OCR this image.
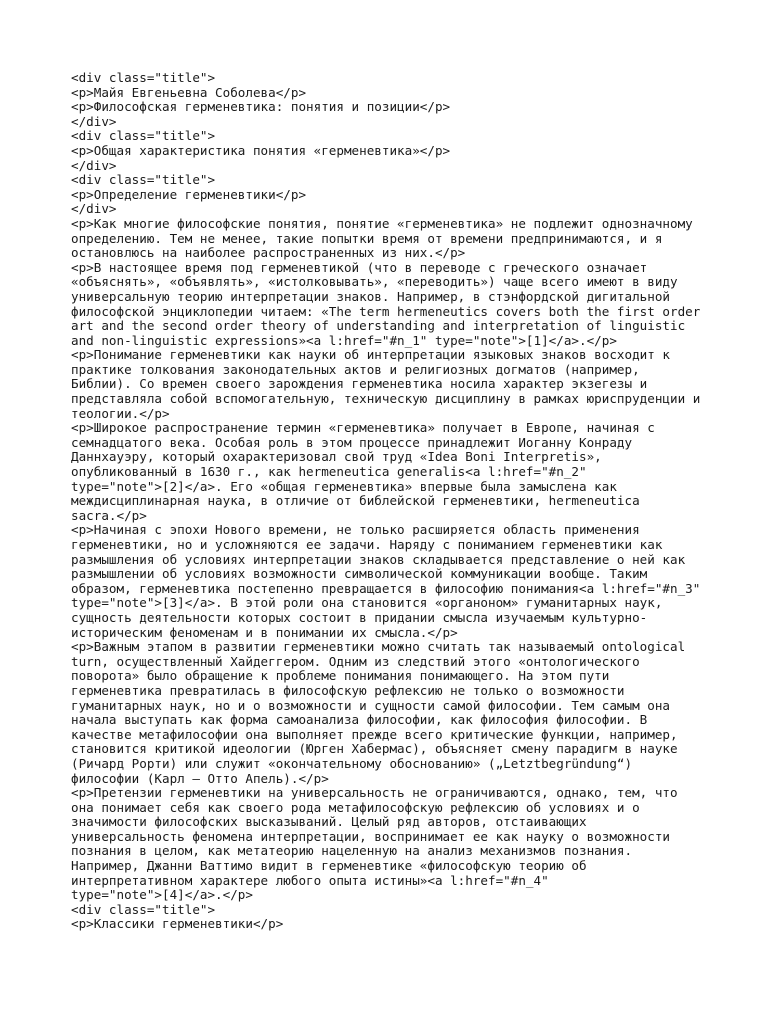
<div class="title">
<p>Майя Евгеньевна Соболева</p>
<p>Философская герменевтика: понятия и позиции</p>
</div>
<div class="title">
<p>Общая характеристика понятия «герменевтика»</p>
</div>
<div class="title">
<p>Определение герменевтики</p>
</div>
<p>Как многие философские понятия, понятие «герменевтика» не подлежит однозначному
определению. Тем не менее, такие попытки время от времени предпринимаются, и я
остановлюсь на наиболее распространенных из них.</p>
<p>В настоящее время под герменевтикой (что в переводе с греческого означает
«объяснять», «объявлять», «истолковывать», «переводить») чаще всего имеют в виду
универсальную теорию интерпретации знаков. Например, в стэнфордской дигитальной
философской энциклопедии читаем: «The term hermeneutics covers both the first order
art and the second order theory of understanding and interpretation of linguistic
and non-linguistic expressions»<a l:href="#n_1" type="note">[1]</a>.</p>
<p>Понимание герменевтики как науки об интерпретации языковых знаков восходит к
практике толкования законодательных актов и религиозных догматов (например,
Библии). Со времен своего зарождения герменевтика носила характер экзегезы и
представляла собой вспомогательную, техническую дисциплину в рамках юриспруденции и
теологии.</p>
<p>Широкое распространение термин «герменевтика» получает в Европе, начиная с
семнадцатого века. Особая роль в этом процессе принадлежит Иоганну Конраду
Даннхауэру, который охарактеризовал свой труд «Idea Boni Interpretis»,
опубликованный в 1630 г., как hermeneutica generalis<a l:href="#n_2"
type="note">[2]</a>. Его «общая герменевтика» впервые была замыслена как
междисциплинарная наука, в отличие от библейской герменевтики, hermeneutica
sacra.</p>
<p>Начиная с эпохи Нового времени, не только расширяется область применения
герменевтики, но и усложняются ее задачи. Наряду с пониманием герменевтики как
размышления об условиях интерпретации знаков складывается представление о ней как
размышлении об условиях возможности символической коммуникации вообще. Таким
образом, герменевтика постепенно превращается в философию понимания<a l:href="#n_3"
type="note">[3]</a>. В этой роли она становится «органоном» гуманитарных наук,
сущность деятельности которых состоит в придании смысла изучаемым культурно-
историческим феноменам и в понимании их смысла.</p>
<p>Важным этапом в развитии герменевтики можно считать так называемый ontological
turn, осуществленный Хайдеггером. Одним из следствий этого «онтологического
поворота» было обращение к проблеме понимания понимающего. На этом пути
герменевтика превратилась в философскую рефлексию не только о возможности
гуманитарных наук, но и о возможности и сущности самой философии. Тем самым она
начала выступать как форма самоанализа философии, как философия философии. В
качестве метафилософии она выполняет прежде всего критические функции, например,
становится критикой идеологии (Юрген Хабермас), объясняет смену парадигм в науке
(Ричард Рорти) или служит «окончательному обоснованию» („Letztbegründung“)
философии (Карл — Отто Апель).</p>
<p>Претензии герменевтики на универсальность не ограничиваются, однако, тем, что
она понимает себя как своего рода метафилософскую рефлексию об условиях и о
значимости философских высказываний. Целый ряд авторов, отстаивающих
универсальность феномена интерпретации, воспринимает ее как науку о возможности
познания в целом, как метатеорию нацеленную на анализ механизмов познания.
Например, Джанни Ваттимо видит в герменевтике «философскую теорию об
интерпретативном характере любого опыта истины»<a l:href="#n_4"
type="note">[4]</a>.</p>
<div class="title">
<p>Классики герменевтики</p>
